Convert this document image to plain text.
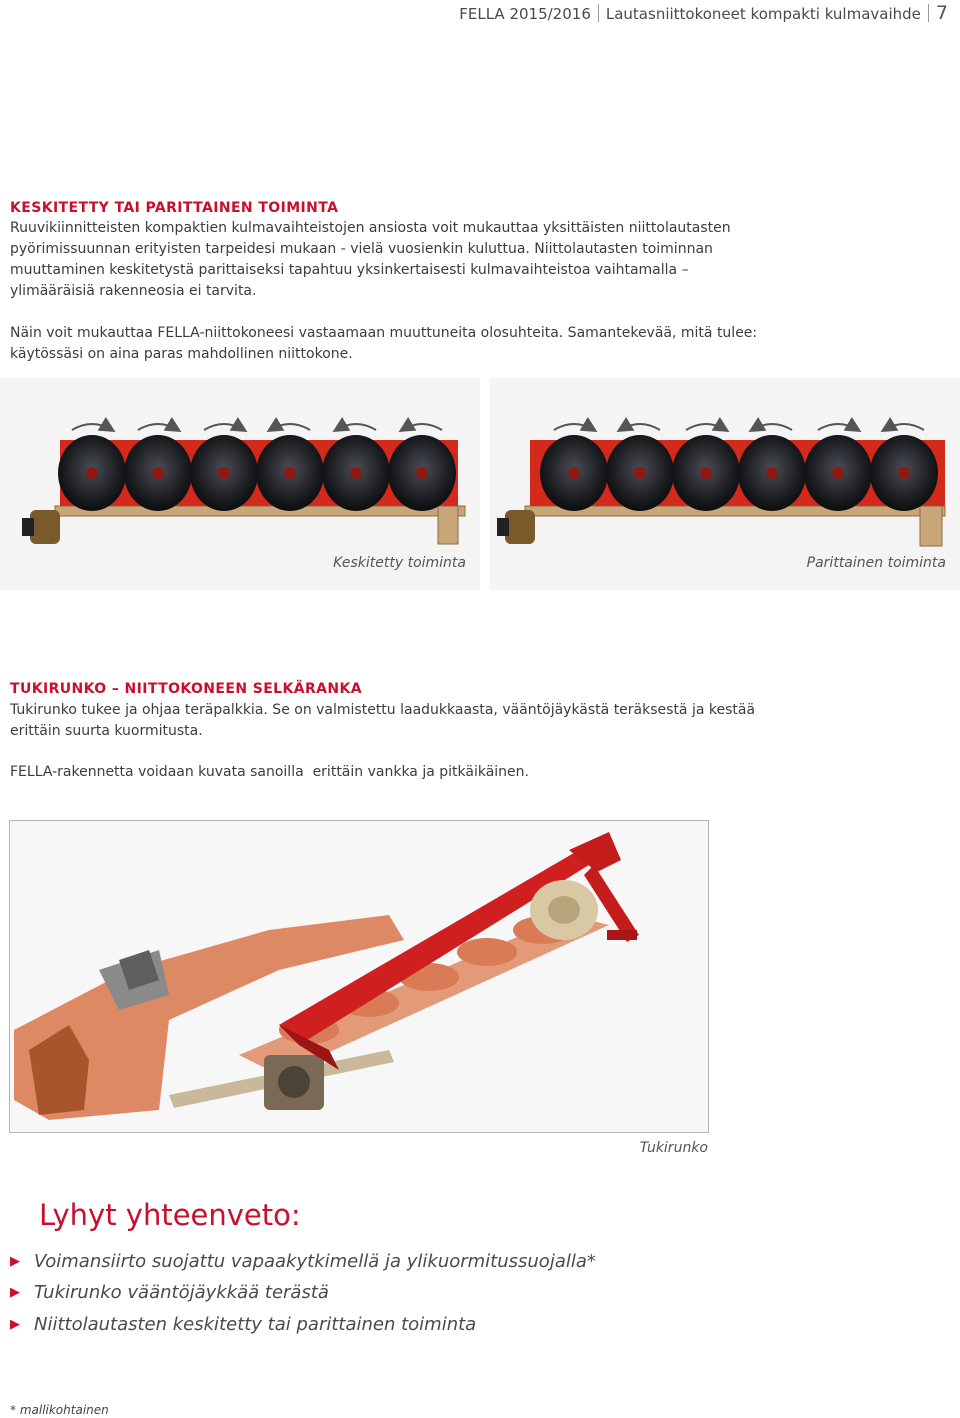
FELLA 2015/2016 Lautasniittokoneet kompakti kulmavaihde 7
KESKITETTY TAI PARITTAINEN TOIMINTA
Ruuvikiinnitteisten kompaktien kulmavaihteistojen ansiosta voit mukauttaa yksittäisten niittolautasten
pyörimissuunnan erityisten tarpeidesi mukaan - vielä vuosienkin kuluttua. Niittolautasten toiminnan
muuttaminen keskitetystä parittaiseksi tapahtuu yksinkertaisesti kulmavaihteistoa vaihtamalla –
ylimääräisiä rakenneosia ei tarvita.
Näin voit mukauttaa FELLA-niittokoneesi vastaamaan muuttuneita olosuhteita. Samantekevää, mitä tulee:
käytössäsi on aina paras mahdollinen niittokone.
Keskitetty toiminta	Parittainen toiminta
TUKIRUNKO – NIITTOKONEEN SELKÄRANKA
Tukirunko tukee ja ohjaa teräpalkkia. Se on valmistettu laadukkaasta, vääntöjäykästä teräksestä ja kestää
erittäin suurta kuormitusta.
FELLA-rakennetta voidaan kuvata sanoilla  erittäin vankka ja pitkäikäinen.
Tukirunko
Lyhyt yhteenveto:
▶ Voimansiirto suojattu vapaakytkimellä ja ylikuormitussuojalla*
▶ Tukirunko vääntöjäykkää terästä
▶ Niittolautasten keskitetty tai parittainen toiminta
* mallikohtainen
